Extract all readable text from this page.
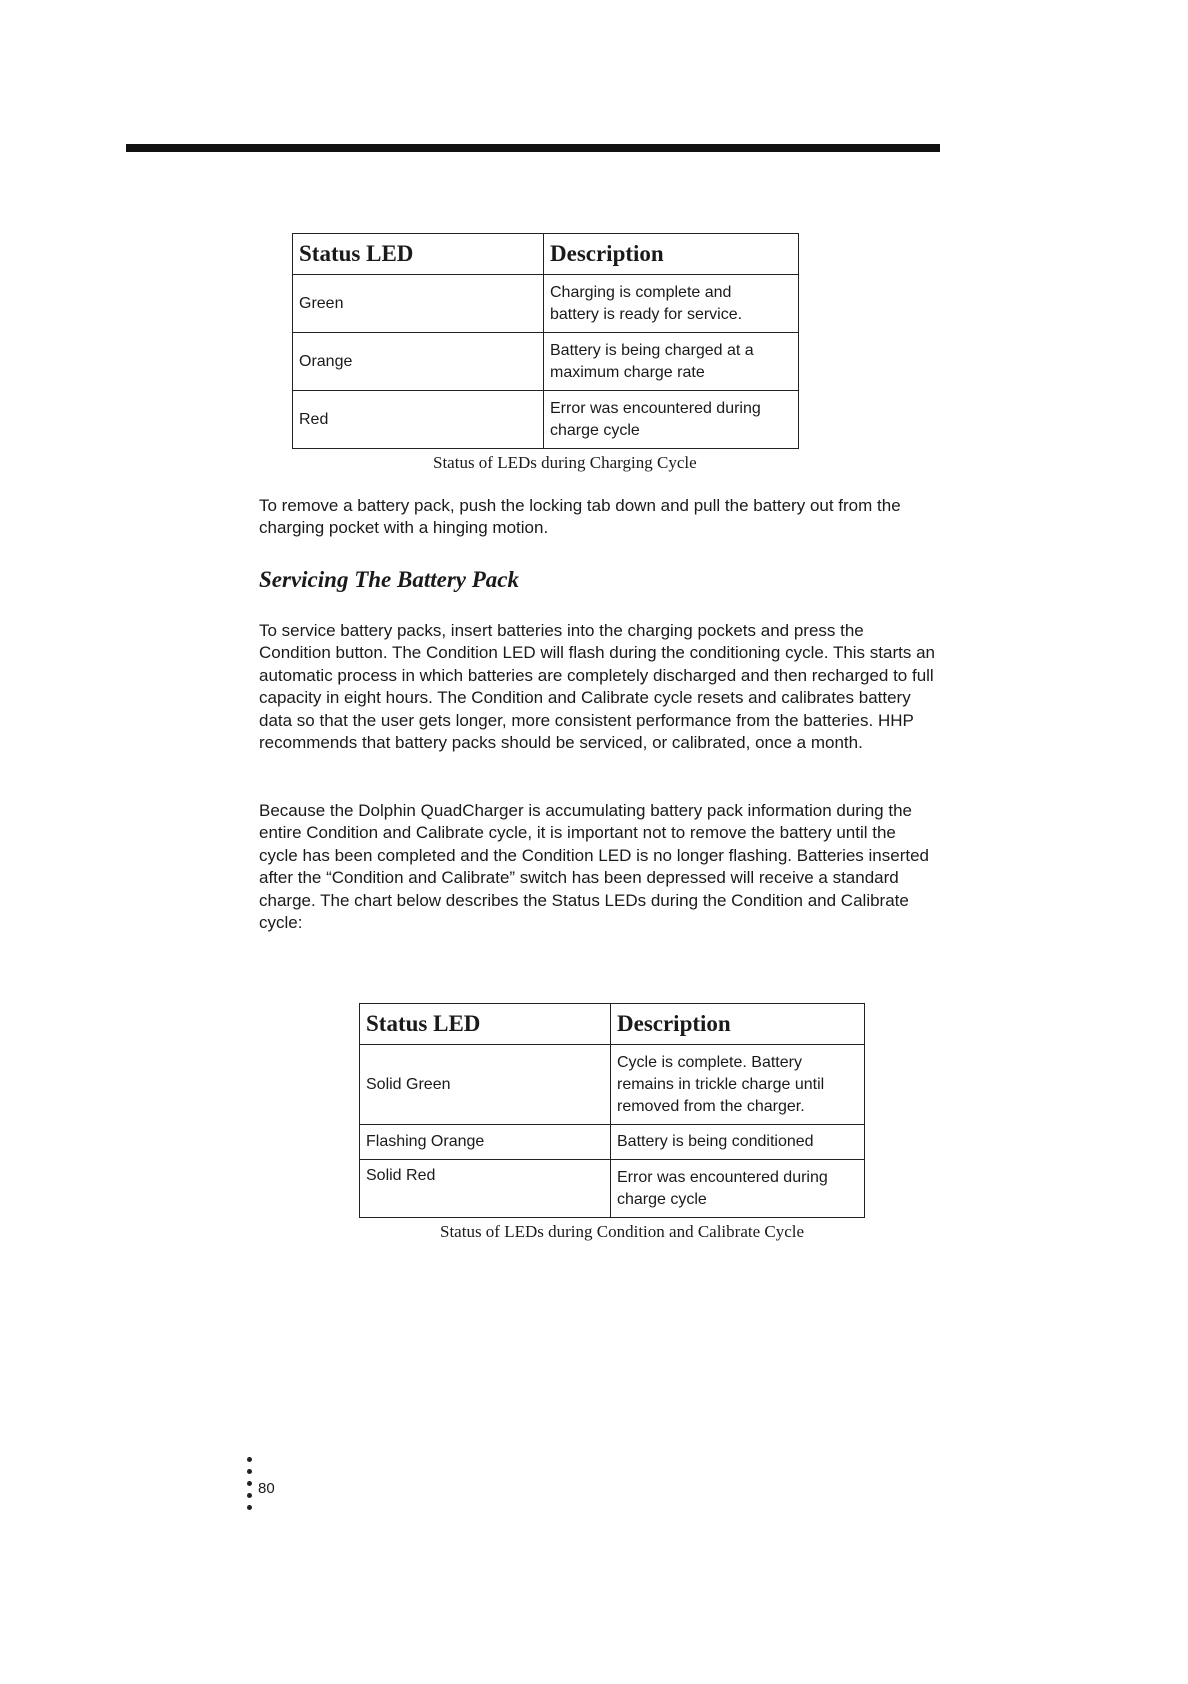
Status LED	Description
Green	Charging is complete and
battery is ready for service.
Orange	Battery is being charged at a
maximum charge rate
Red	Error was encountered during
charge cycle
Status of LEDs during Charging Cycle

To remove a battery pack, push the locking tab down and pull the battery out from the charging pocket with a hinging motion.

Servicing The Battery Pack

To service battery packs, insert batteries into the charging pockets and press the Condition button. The Condition LED will flash during the conditioning cycle. This starts an automatic process in which batteries are completely discharged and then recharged to full capacity in eight hours. The Condition and Calibrate cycle resets and calibrates battery data so that the user gets longer, more consistent performance from the batteries. HHP recommends that battery packs should be serviced, or calibrated, once a month.

Because the Dolphin QuadCharger is accumulating battery pack information during the entire Condition and Calibrate cycle, it is important not to remove the battery until the cycle has been completed and the Condition LED is no longer flashing. Batteries inserted after the “Condition and Calibrate” switch has been depressed will receive a standard charge. The chart below describes the Status LEDs during the Condition and Calibrate cycle:

Status LED	Description
Solid Green	Cycle is complete. Battery
remains in trickle charge until
removed from the charger.
Flashing Orange	Battery is being conditioned
Solid Red	Error was encountered during
charge cycle
Status of LEDs during Condition and Calibrate Cycle
80
